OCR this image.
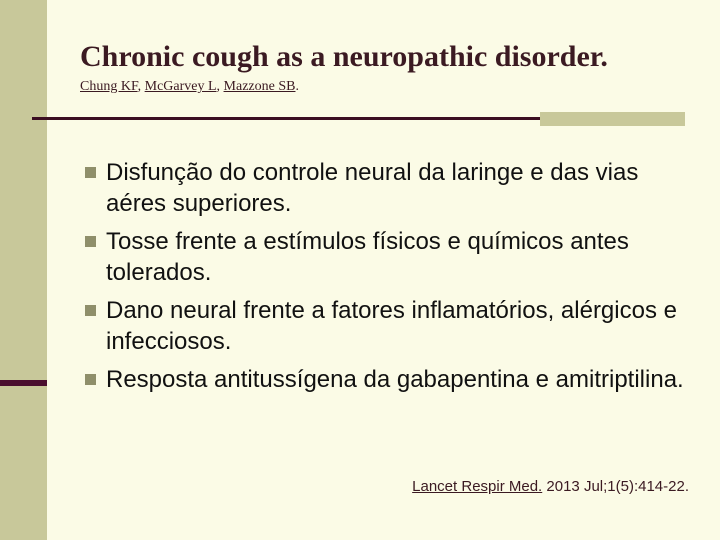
Chronic cough as a neuropathic disorder.
Chung KF, McGarvey L, Mazzone SB.
Disfunção do controle neural da laringe e das vias aéres superiores.
Tosse frente a estímulos físicos e químicos antes tolerados.
Dano neural frente a fatores inflamatórios, alérgicos e infecciosos.
Resposta antitussígena da gabapentina e amitriptilina.
Lancet Respir Med. 2013 Jul;1(5):414-22.
